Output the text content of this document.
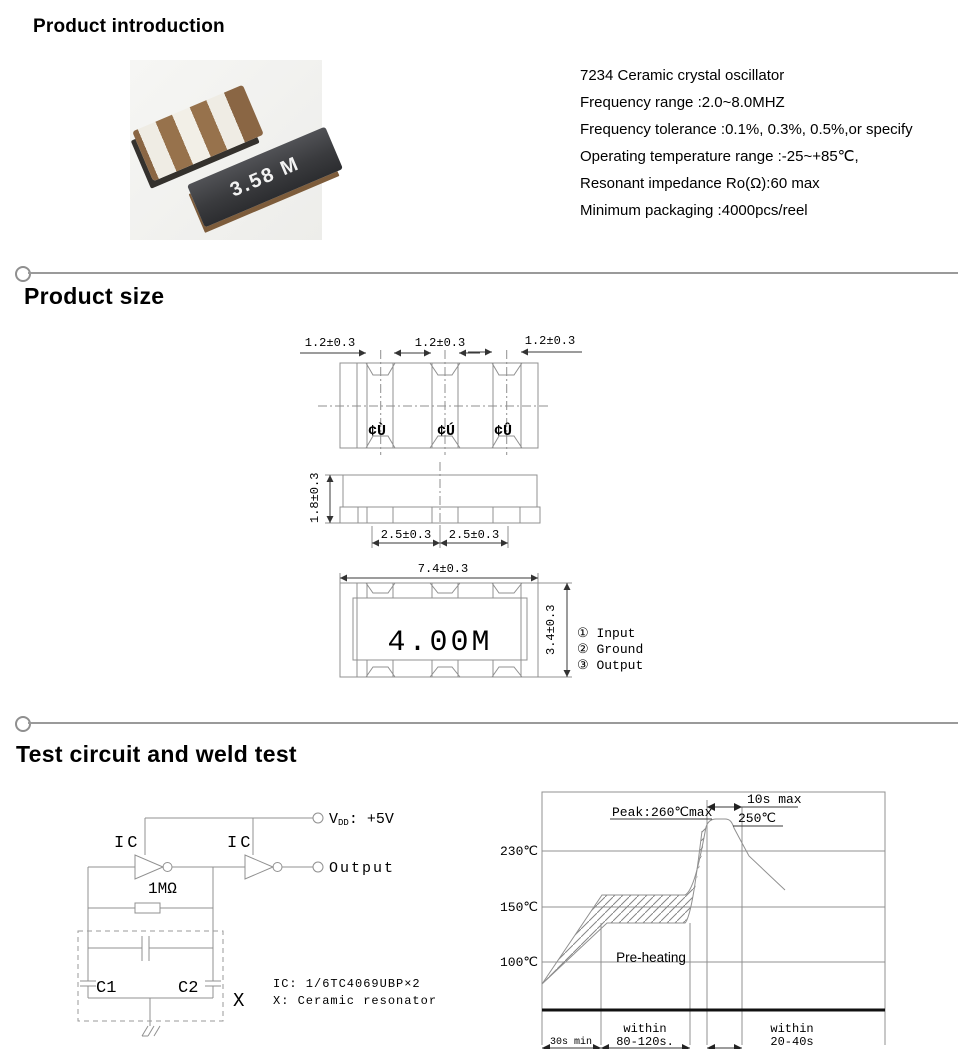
Product introduction
3.58 M
7234 Ceramic crystal oscillator
Frequency range :2.0~8.0MHZ
Frequency tolerance :0.1%, 0.3%, 0.5%,or specify
Operating temperature range :-25~+85℃,
Resonant impedance Ro(Ω):60 max
Minimum packaging :4000pcs/reel
Product size
1.2±0.3	1.2±0.3	1.2±0.3
¢Ù	¢Ú	¢Û
1.8±0.3
2.5±0.3 2.5±0.3
7.4±0.3
4.00M	3.4±0.3 ① Input
② Ground
③ Output
Test circuit and weld test
VDD: +5V
IC	IC
Output
1MΩ
C1	C2
X
IC: 1/6TC4069UBP×2
X: Ceramic resonator
230℃
150℃
100℃
Peak:260℃max 250℃
10s max
Pre-heating
30s min
within
80-120s.
within
20-40s
